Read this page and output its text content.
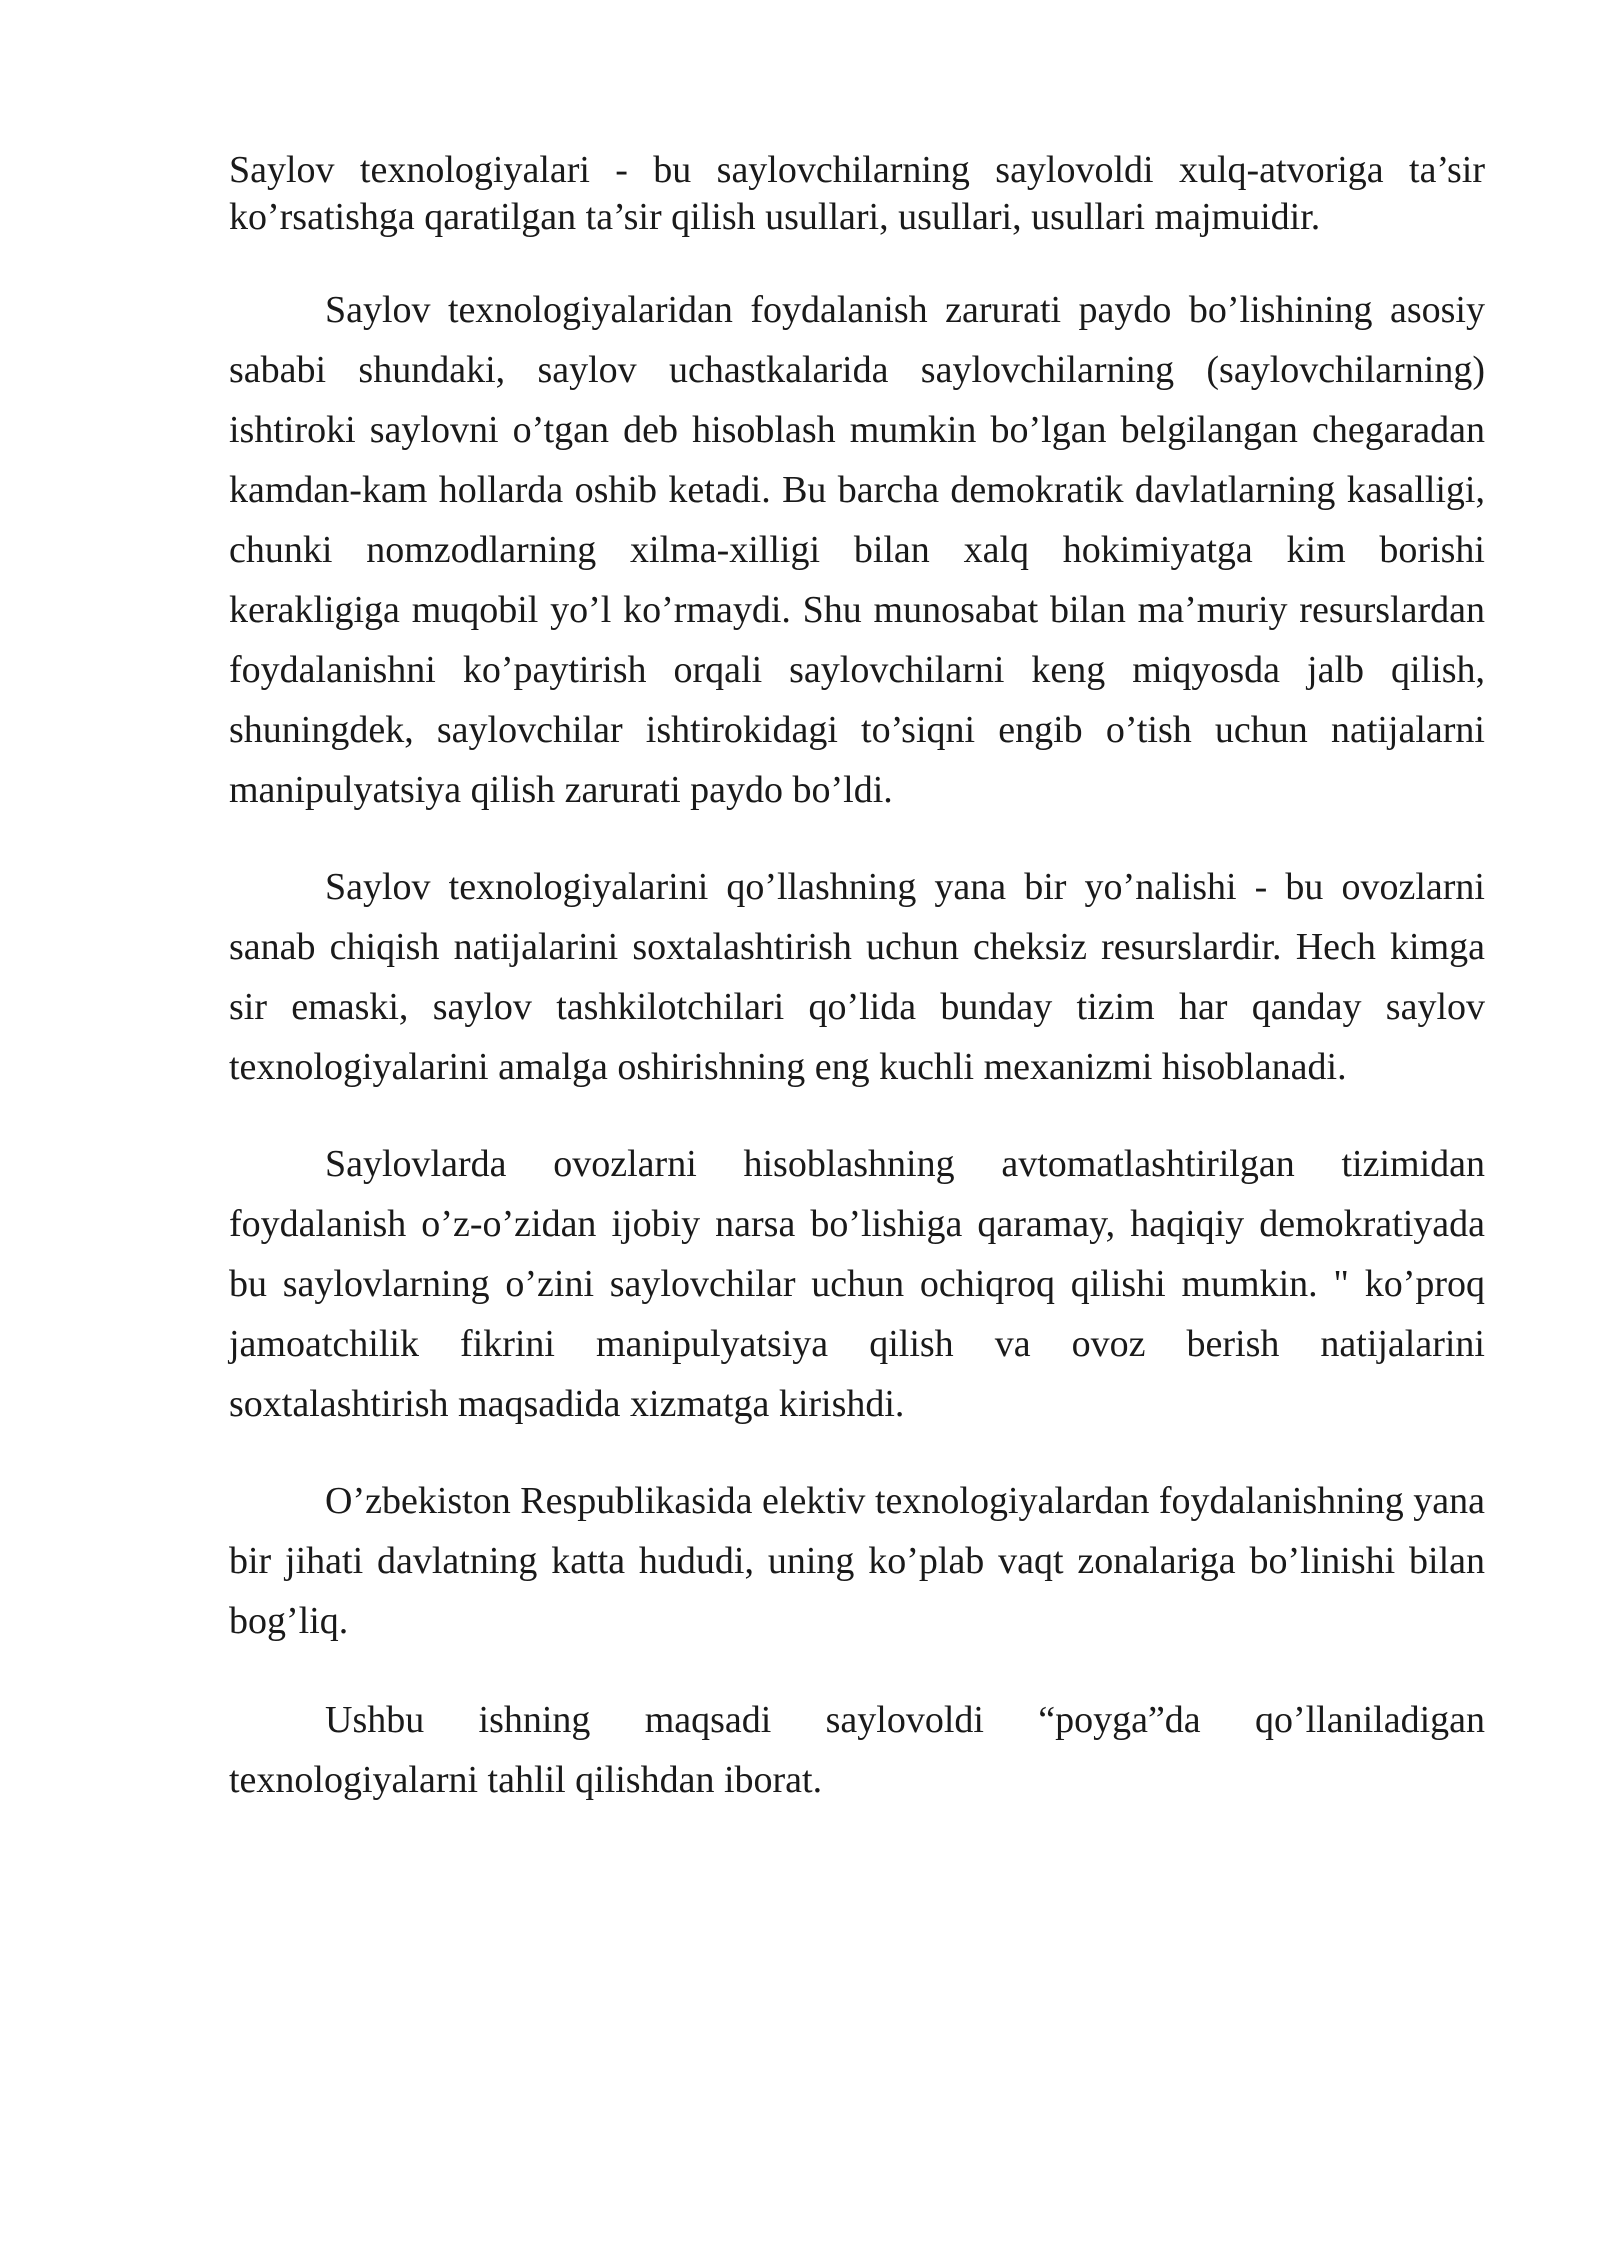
Saylov texnologiyalari - bu saylovchilarning saylovoldi xulq-atvoriga ta’sir ko’rsatishga qaratilgan ta’sir qilish usullari, usullari, usullari majmuidir.

Saylov texnologiyalaridan foydalanish zarurati paydo bo’lishining asosiy sababi shundaki, saylov uchastkalarida saylovchilarning (saylovchilarning) ishtiroki saylovni o’tgan deb hisoblash mumkin bo’lgan belgilangan chegaradan kamdan-kam hollarda oshib ketadi. Bu barcha demokratik davlatlarning kasalligi, chunki nomzodlarning xilma-xilligi bilan xalq hokimiyatga kim borishi kerakligiga muqobil yo’l ko’rmaydi. Shu munosabat bilan ma’muriy resurslardan foydalanishni ko’paytirish orqali saylovchilarni keng miqyosda jalb qilish, shuningdek, saylovchilar ishtirokidagi to’siqni engib o’tish uchun natijalarni manipulyatsiya qilish zarurati paydo bo’ldi.

Saylov texnologiyalarini qo’llashning yana bir yo’nalishi - bu ovozlarni sanab chiqish natijalarini soxtalashtirish uchun cheksiz resurslardir. Hech kimga sir emaski, saylov tashkilotchilari qo’lida bunday tizim har qanday saylov texnologiyalarini amalga oshirishning eng kuchli mexanizmi hisoblanadi.

Saylovlarda ovozlarni hisoblashning avtomatlashtirilgan tizimidan foydalanish o’z-o’zidan ijobiy narsa bo’lishiga qaramay, haqiqiy demokratiyada bu saylovlarning o’zini saylovchilar uchun ochiqroq qilishi mumkin. " ko’proq jamoatchilik fikrini manipulyatsiya qilish va ovoz berish natijalarini soxtalashtirish maqsadida xizmatga kirishdi.

O’zbekiston Respublikasida elektiv texnologiyalardan foydalanishning yana bir jihati davlatning katta hududi, uning ko’plab vaqt zonalariga bo’linishi bilan bog’liq.

Ushbu ishning maqsadi saylovoldi “poyga”da qo’llaniladigan texnologiyalarni tahlil qilishdan iborat.
